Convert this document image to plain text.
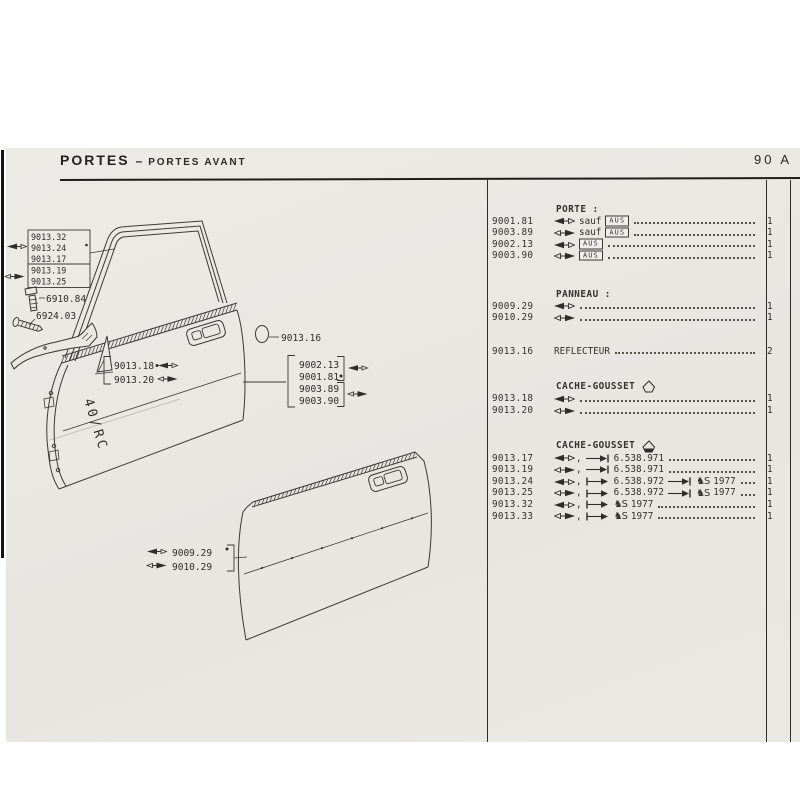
PORTES – PORTES AVANT	90 A
40/RC
9013.32
9013.24
9013.17
9013.19
9013.25
6910.84
6924.03
9013.16
9013.18
9013.20
9002.13
9001.81
9003.89
9003.90
9009.29
9010.29
PORTE :
9001.81	sauf	AUS	1
9003.89	sauf	AUS	1
9002.13	AUS	1
9003.90	AUS	1
PANNEAU :
9009.29	1
9010.29	1
9013.16	REFLECTEUR	2
CACHE-GOUSSET
9013.18	1
9013.20	1
CACHE-GOUSSET
9013.17	,	6.538.971	1
9013.19	,	6.538.971	1
9013.24	,	6.538.972	♞S 1977	1
9013.25	,	6.538.972	♞S 1977	1
9013.32	,	♞S 1977	1
9013.33	,	♞S 1977	1
